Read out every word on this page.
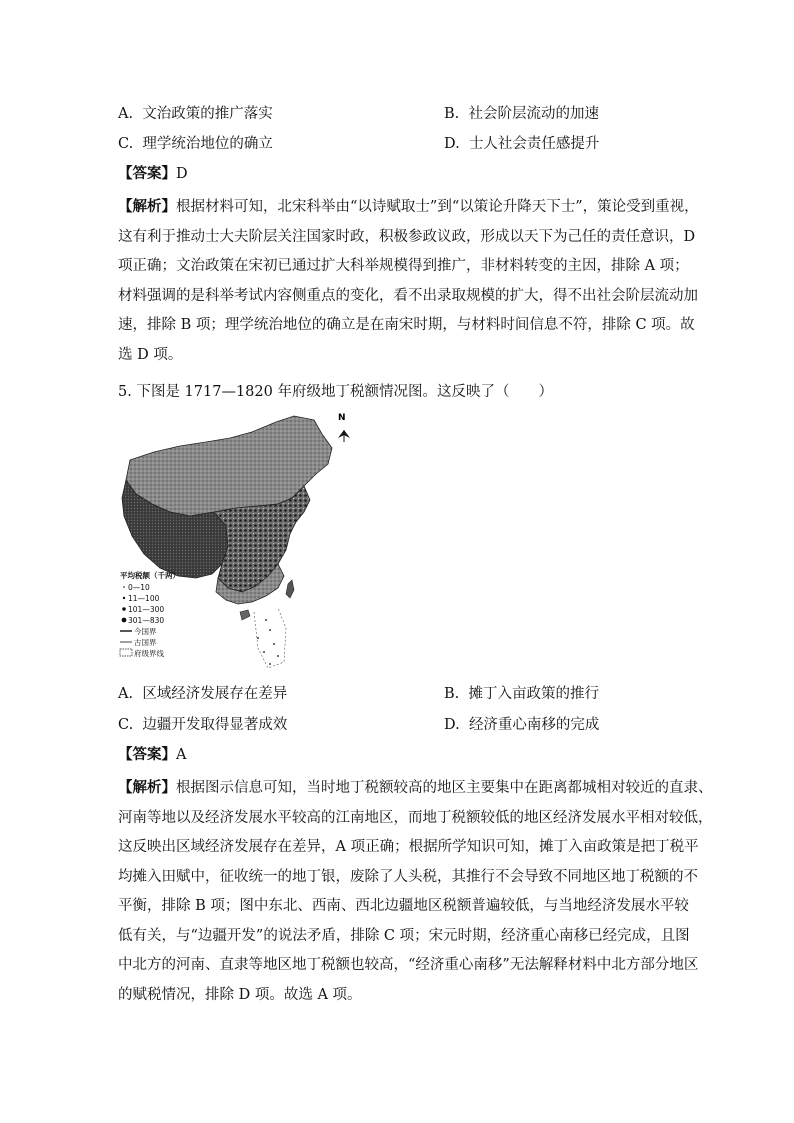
A. 文治政策的推广落实	B. 社会阶层流动的加速
C. 理学统治地位的确立	D. 士人社会责任感提升
【答案】D
【解析】根据材料可知，北宋科举由“以诗赋取士”到“以策论升降天下士”，策论受到重视，
这有利于推动士大夫阶层关注国家时政，积极参政议政，形成以天下为己任的责任意识，D
项正确；文治政策在宋初已通过扩大科举规模得到推广，非材料转变的主因，排除 A 项；
材料强调的是科举考试内容侧重点的变化，看不出录取规模的扩大，得不出社会阶层流动加
速，排除 B 项；理学统治地位的确立是在南宋时期，与材料时间信息不符，排除 C 项。故
选 D 项。
5. 下图是 1717—1820 年府级地丁税额情况图。这反映了（　　）
N
平均税额（千两）
0—10
11—100
101—300
301—830
今国界
古国界
府级界线
A. 区域经济发展存在差异	B. 摊丁入亩政策的推行
C. 边疆开发取得显著成效	D. 经济重心南移的完成
【答案】A
【解析】根据图示信息可知，当时地丁税额较高的地区主要集中在距离都城相对较近的直隶、
河南等地以及经济发展水平较高的江南地区，而地丁税额较低的地区经济发展水平相对较低，
这反映出区域经济发展存在差异，A 项正确；根据所学知识可知，摊丁入亩政策是把丁税平
均摊入田赋中，征收统一的地丁银，废除了人头税，其推行不会导致不同地区地丁税额的不
平衡，排除 B 项；图中东北、西南、西北边疆地区税额普遍较低，与当地经济发展水平较
低有关，与“边疆开发”的说法矛盾，排除 C 项；宋元时期，经济重心南移已经完成，且图
中北方的河南、直隶等地区地丁税额也较高，“经济重心南移”无法解释材料中北方部分地区
的赋税情况，排除 D 项。故选 A 项。
